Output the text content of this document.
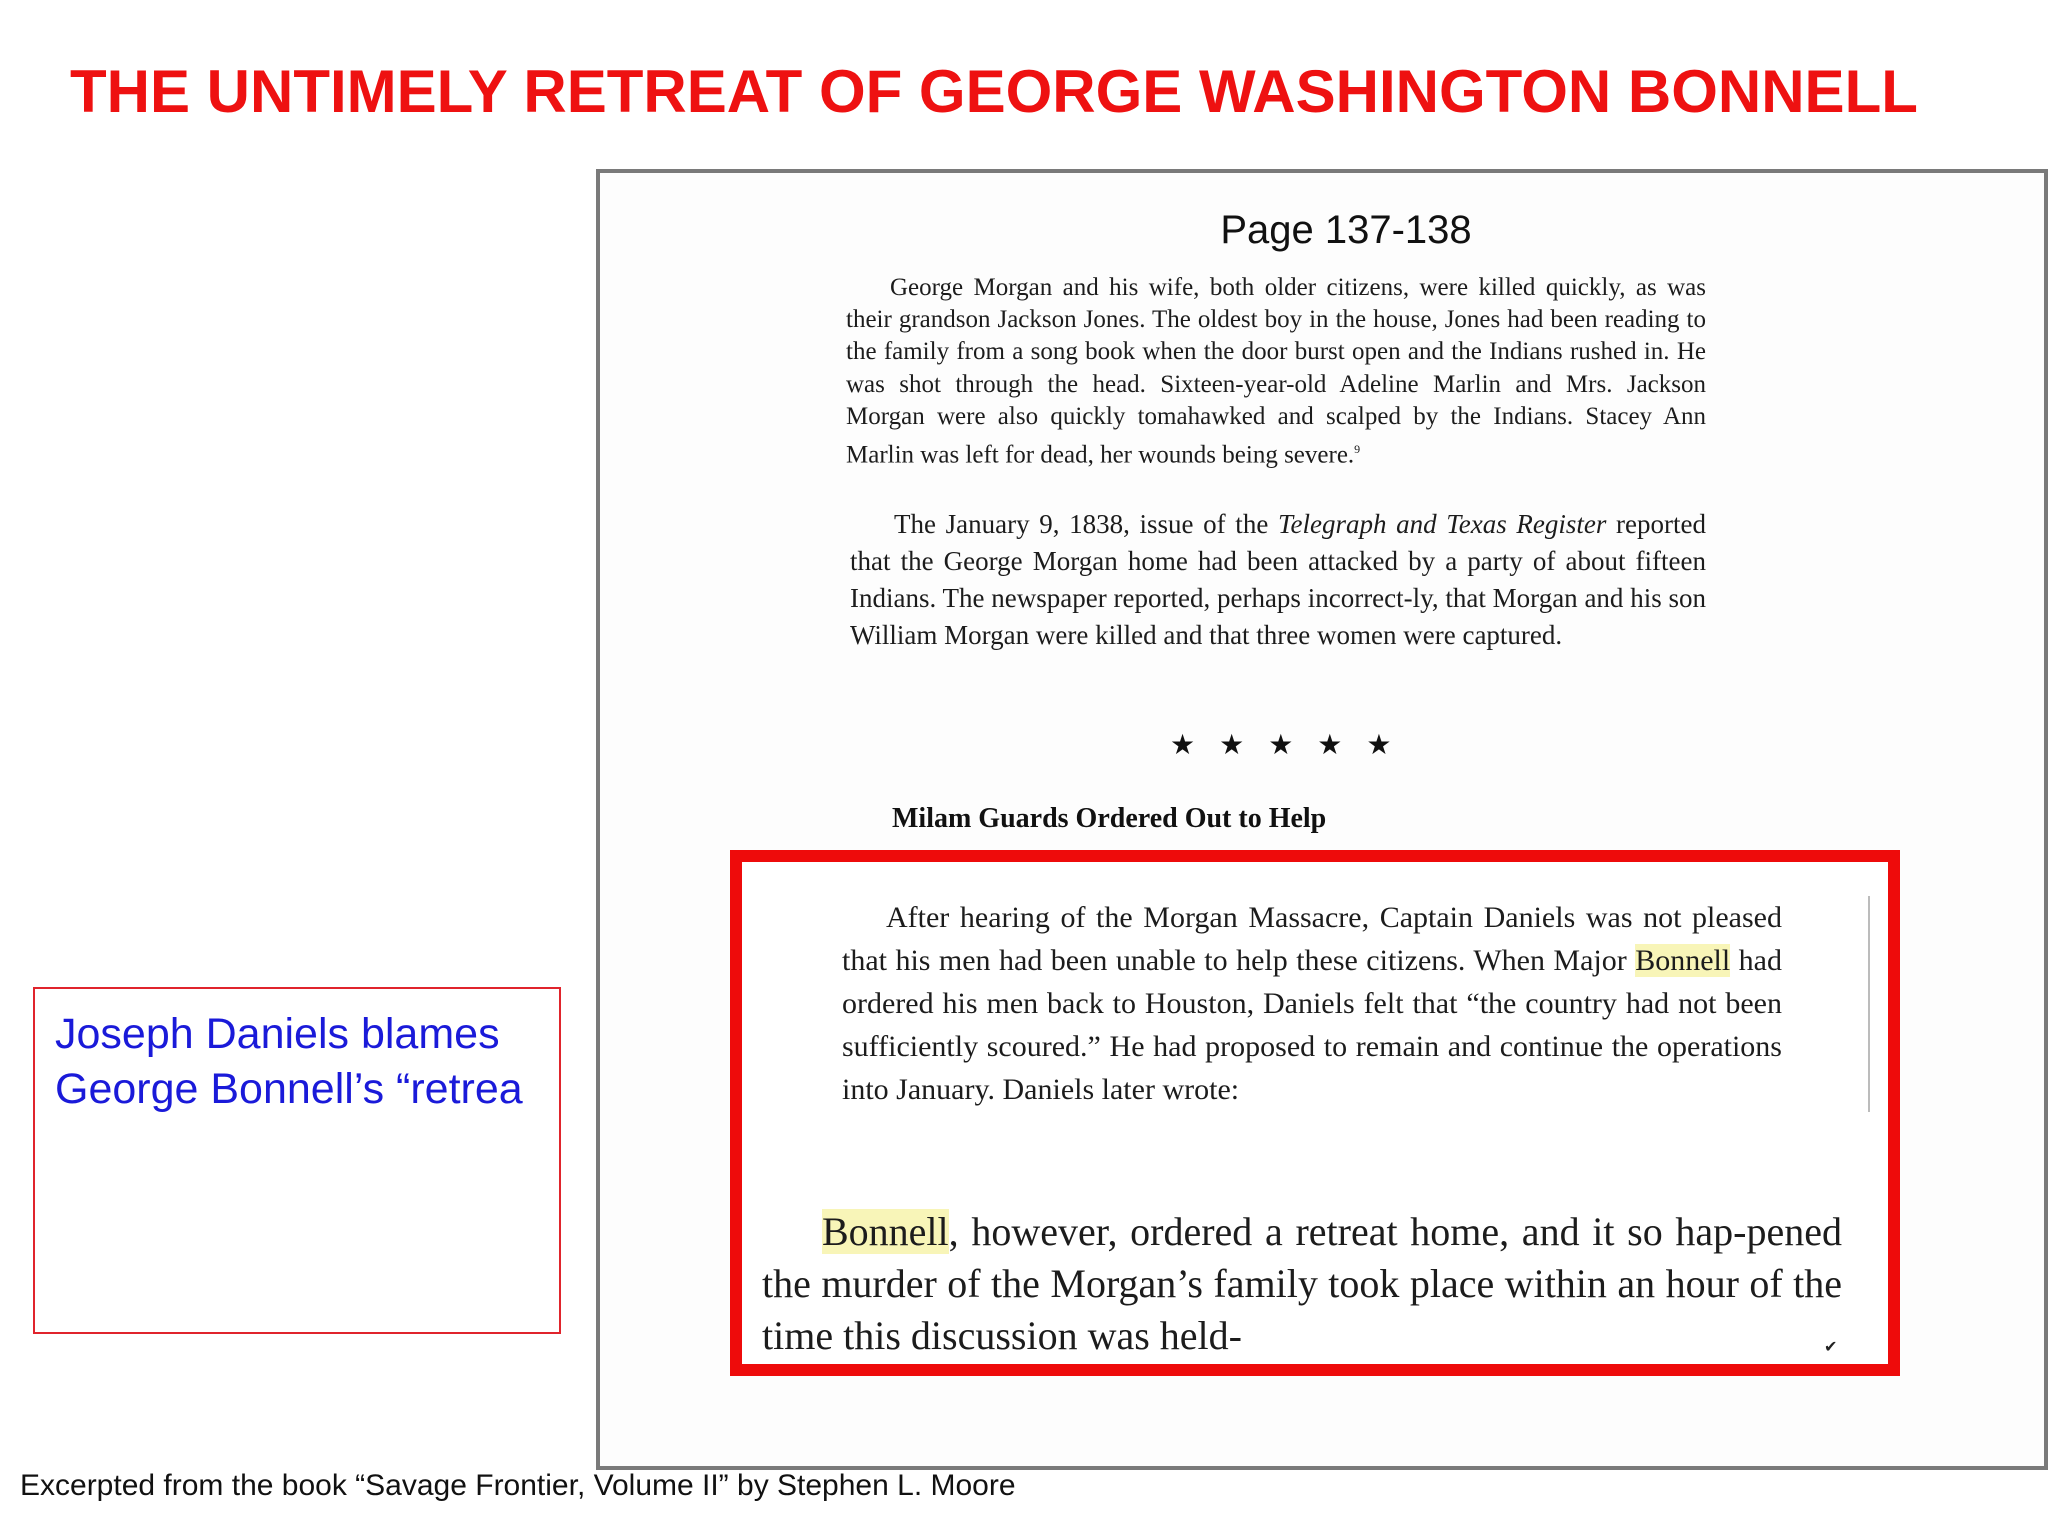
THE UNTIMELY RETREAT OF GEORGE WASHINGTON BONNELL
Joseph Daniels blames
George Bonnell’s “retrea
Page 137-138

George Morgan and his wife, both older citizens, were killed quickly, as was their grandson Jackson Jones. The oldest boy in the house, Jones had been reading to the family from a song book when the door burst open and the Indians rushed in. He was shot through the head. Sixteen-year-old Adeline Marlin and Mrs. Jackson Morgan were also quickly tomahawked and scalped by the Indians. Stacey Ann Marlin was left for dead, her wounds being severe.$^9$

The January 9, 1838, issue of the Telegraph and Texas Register reported that the George Morgan home had been attacked by a party of about fifteen Indians. The newspaper reported, perhaps incorrect-ly, that Morgan and his son William Morgan were killed and that three women were captured.

★★★★★
Milam Guards Ordered Out to Help

After hearing of the Morgan Massacre, Captain Daniels was not pleased that his men had been unable to help these citizens. When Major Bonnell had ordered his men back to Houston, Daniels felt that “the country had not been sufficiently scoured.” He had proposed to remain and continue the operations into January. Daniels later wrote:

Bonnell, however, ordered a retreat home, and it so hap-pened the murder of the Morgan’s family took place within an hour of the time this discussion was held-	✔
Excerpted from the book “Savage Frontier, Volume II” by Stephen L. Moore
